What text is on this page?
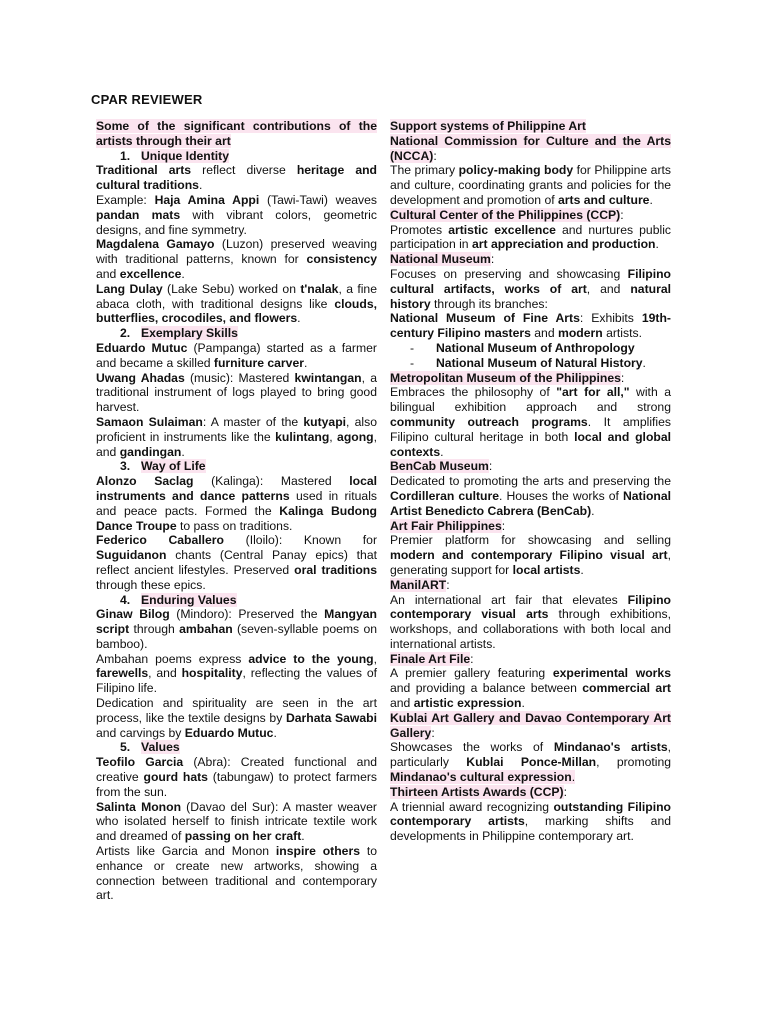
CPAR REVIEWER
Some of the significant contributions of the artists through their art
1. Unique Identity
Traditional arts reflect diverse heritage and cultural traditions.
Example: Haja Amina Appi (Tawi-Tawi) weaves pandan mats with vibrant colors, geometric designs, and fine symmetry.
Magdalena Gamayo (Luzon) preserved weaving with traditional patterns, known for consistency and excellence.
Lang Dulay (Lake Sebu) worked on t'nalak, a fine abaca cloth, with traditional designs like clouds, butterflies, crocodiles, and flowers.
2. Exemplary Skills
Eduardo Mutuc (Pampanga) started as a farmer and became a skilled furniture carver.
Uwang Ahadas (music): Mastered kwintangan, a traditional instrument of logs played to bring good harvest.
Samaon Sulaiman: A master of the kutyapi, also proficient in instruments like the kulintang, agong, and gandingan.
3. Way of Life
Alonzo Saclag (Kalinga): Mastered local instruments and dance patterns used in rituals and peace pacts. Formed the Kalinga Budong Dance Troupe to pass on traditions.
Federico Caballero (Iloilo): Known for Suguidanon chants (Central Panay epics) that reflect ancient lifestyles. Preserved oral traditions through these epics.
4. Enduring Values
Ginaw Bilog (Mindoro): Preserved the Mangyan script through ambahan (seven-syllable poems on bamboo).
Ambahan poems express advice to the young, farewells, and hospitality, reflecting the values of Filipino life.
Dedication and spirituality are seen in the art process, like the textile designs by Darhata Sawabi and carvings by Eduardo Mutuc.
5. Values
Teofilo Garcia (Abra): Created functional and creative gourd hats (tabungaw) to protect farmers from the sun.
Salinta Monon (Davao del Sur): A master weaver who isolated herself to finish intricate textile work and dreamed of passing on her craft.
Artists like Garcia and Monon inspire others to enhance or create new artworks, showing a connection between traditional and contemporary art.
Support systems of Philippine Art
National Commission for Culture and the Arts (NCCA):
The primary policy-making body for Philippine arts and culture, coordinating grants and policies for the development and promotion of arts and culture.
Cultural Center of the Philippines (CCP):
Promotes artistic excellence and nurtures public participation in art appreciation and production.
National Museum:
Focuses on preserving and showcasing Filipino cultural artifacts, works of art, and natural history through its branches:
National Museum of Fine Arts: Exhibits 19th-century Filipino masters and modern artists.
- National Museum of Anthropology
- National Museum of Natural History.
Metropolitan Museum of the Philippines:
Embraces the philosophy of "art for all," with a bilingual exhibition approach and strong community outreach programs. It amplifies Filipino cultural heritage in both local and global contexts.
BenCab Museum:
Dedicated to promoting the arts and preserving the Cordilleran culture. Houses the works of National Artist Benedicto Cabrera (BenCab).
Art Fair Philippines:
Premier platform for showcasing and selling modern and contemporary Filipino visual art, generating support for local artists.
ManilART:
An international art fair that elevates Filipino contemporary visual arts through exhibitions, workshops, and collaborations with both local and international artists.
Finale Art File:
A premier gallery featuring experimental works and providing a balance between commercial art and artistic expression.
Kublai Art Gallery and Davao Contemporary Art Gallery:
Showcases the works of Mindanao's artists, particularly Kublai Ponce-Millan, promoting Mindanao's cultural expression.
Thirteen Artists Awards (CCP):
A triennial award recognizing outstanding Filipino contemporary artists, marking shifts and developments in Philippine contemporary art.
